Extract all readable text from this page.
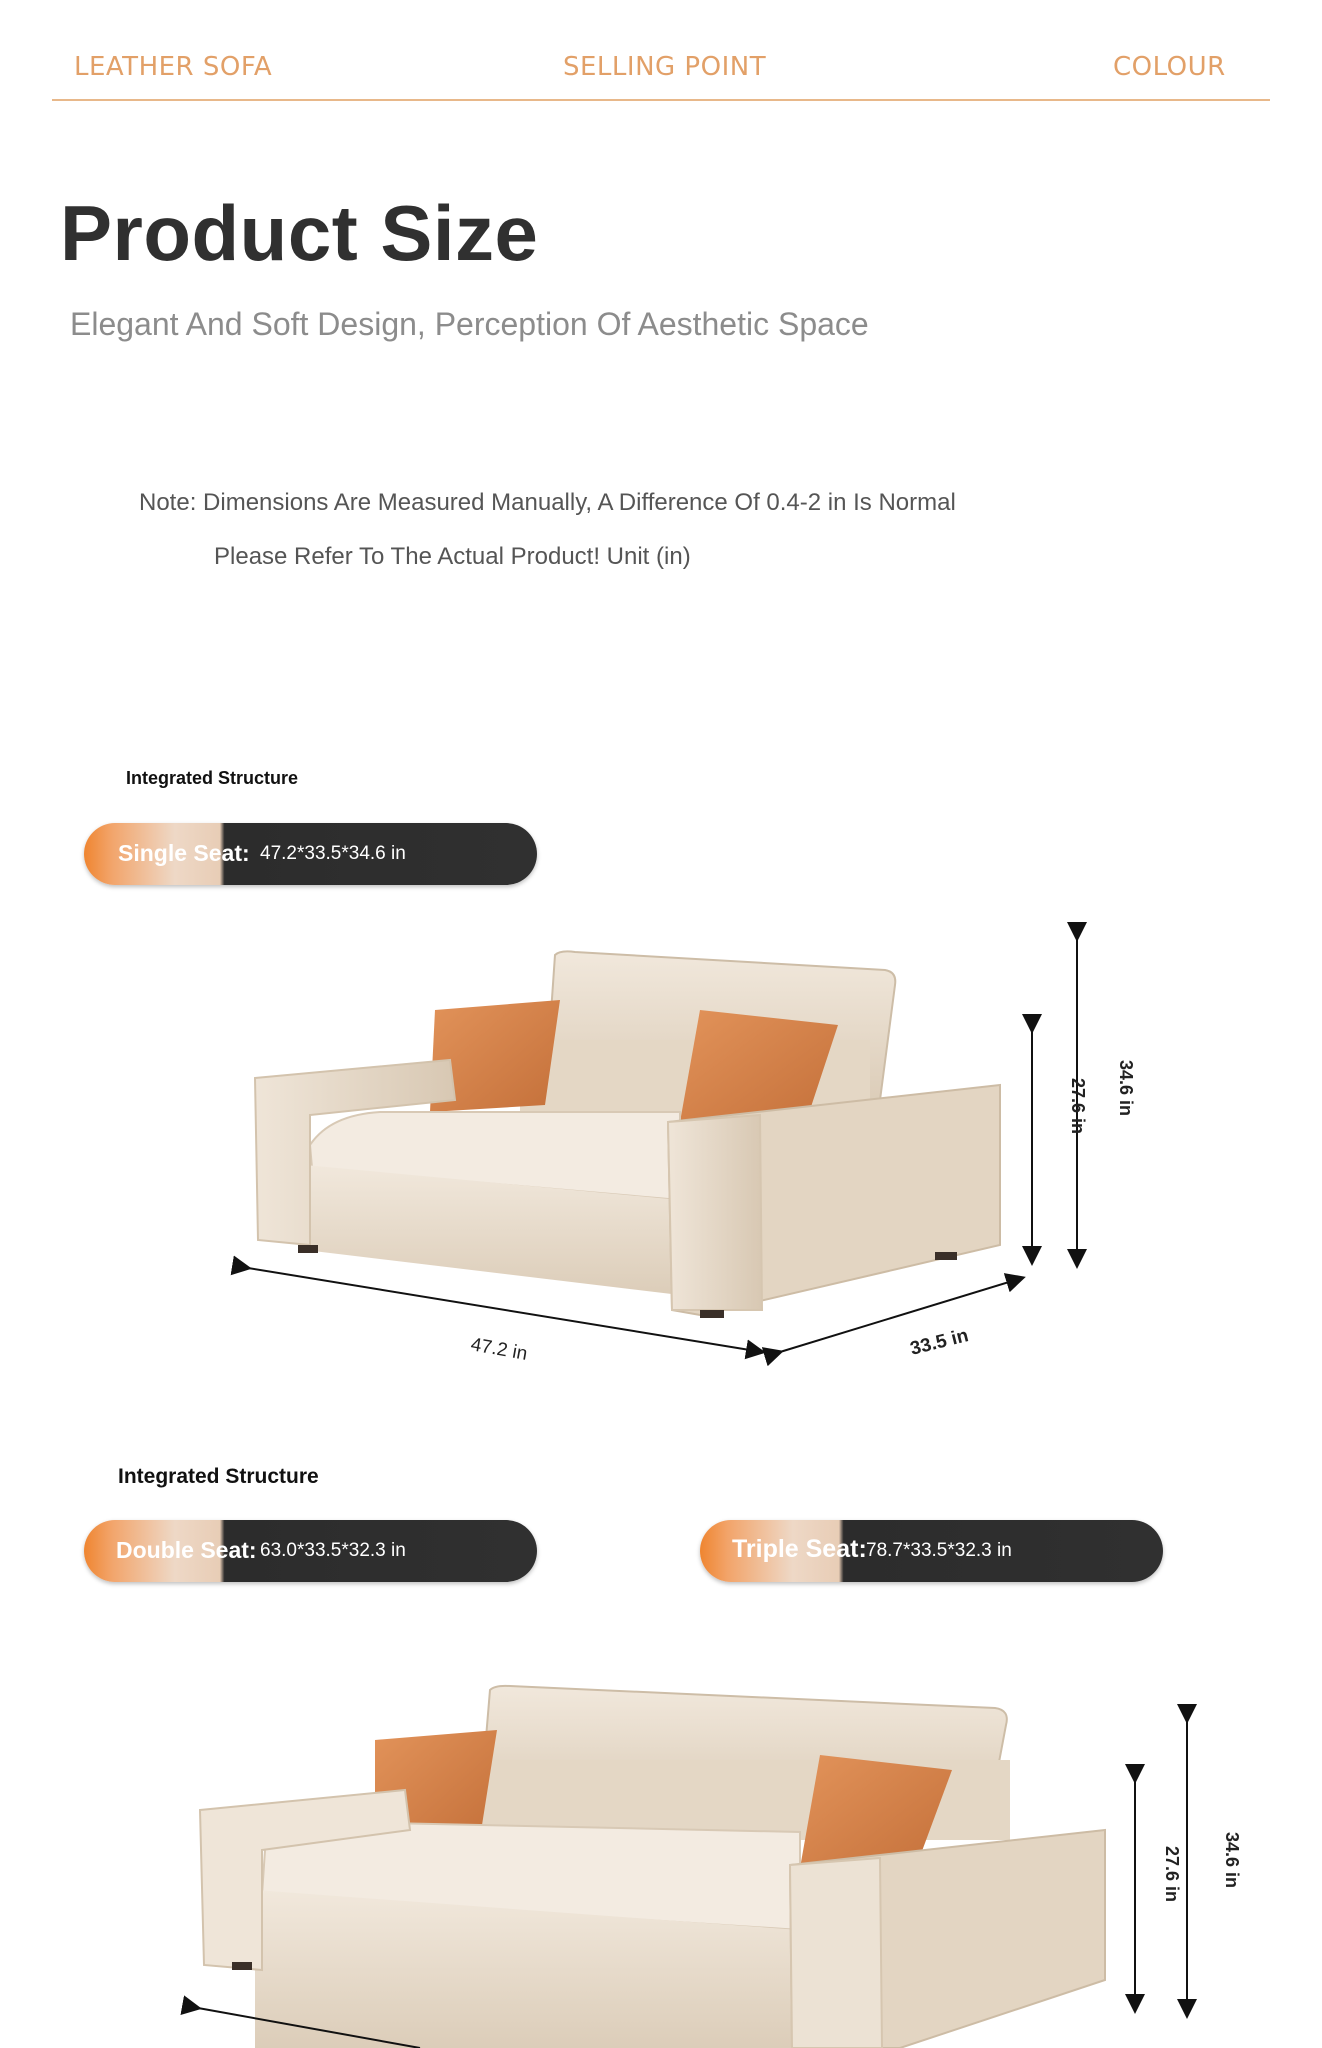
LEATHER SOFA	SELLING POINT	COLOUR
Product Size
Elegant And Soft Design, Perception Of Aesthetic Space
Note: Dimensions Are Measured Manually, A Difference Of 0.4-2 in Is Normal
Please Refer To The Actual Product! Unit (in)
Integrated Structure
Single Seat: 47.2*33.5*34.6 in
47.2 in	33.5 in
27.6 in 34.6 in
Integrated Structure
Double Seat: 63.0*33.5*32.3 in	Triple Seat: 78.7*33.5*32.3 in
27.6 in 34.6 in
